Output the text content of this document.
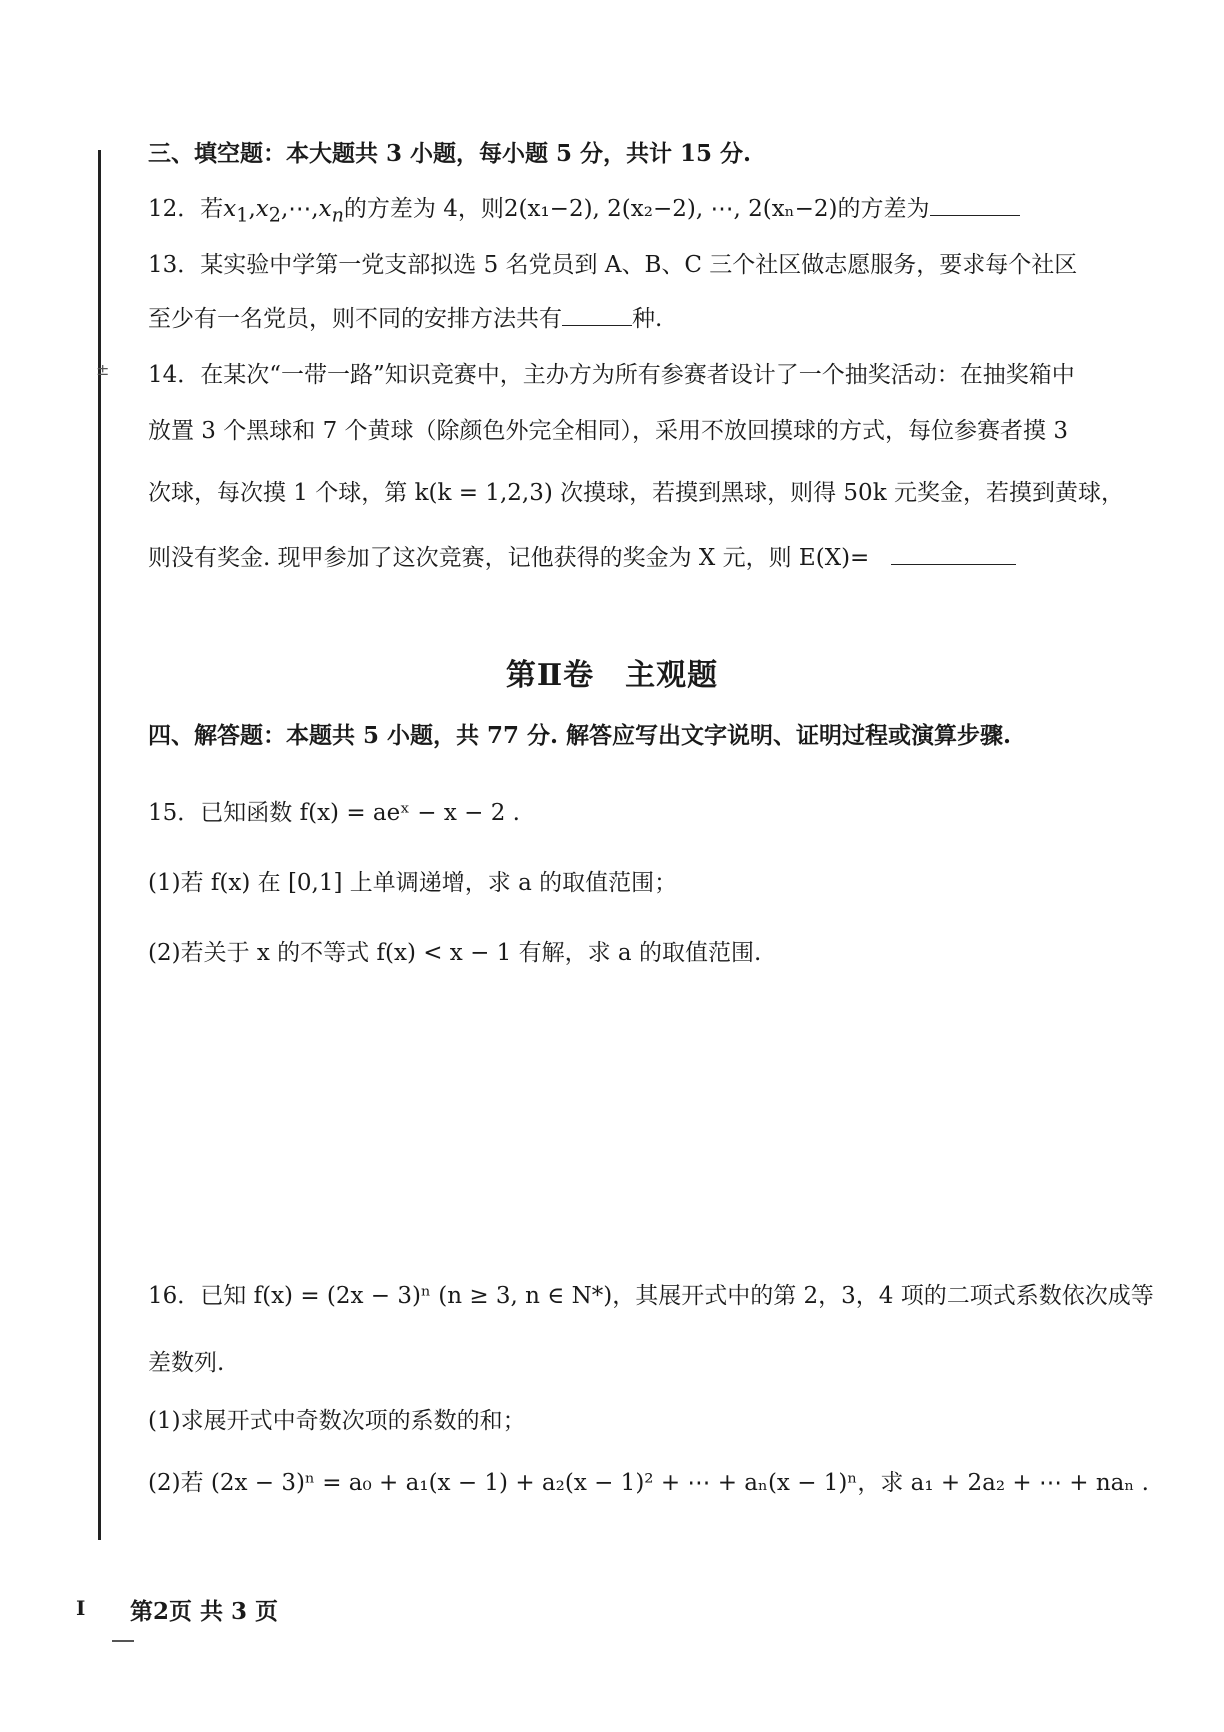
±
三、填空题：本大题共 3 小题，每小题 5 分，共计 15 分.
12．若$x_1,x_2,\cdots,x_n$的方差为 4，则2(x₁−2), 2(x₂−2), ⋯, 2(xₙ−2)的方差为
13．某实验中学第一党支部拟选 5 名党员到 A、B、C 三个社区做志愿服务，要求每个社区
至少有一名党员，则不同的安排方法共有	种.
14．在某次“一带一路”知识竞赛中，主办方为所有参赛者设计了一个抽奖活动：在抽奖箱中
放置 3 个黑球和 7 个黄球（除颜色外完全相同），采用不放回摸球的方式，每位参赛者摸 3
次球，每次摸 1 个球，第 k(k = 1,2,3) 次摸球，若摸到黑球，则得 50k 元奖金，若摸到黄球，
则没有奖金. 现甲参加了这次竞赛，记他获得的奖金为 X 元，则 E(X)=
第Ⅱ卷　主观题
四、解答题：本题共 5 小题，共 77 分. 解答应写出文字说明、证明过程或演算步骤.
15．已知函数 f(x) = aeˣ − x − 2 .
(1)若 f(x) 在 [0,1] 上单调递增，求 a 的取值范围；
(2)若关于 x 的不等式 f(x) < x − 1 有解，求 a 的取值范围.
16．已知 f(x) = (2x − 3)ⁿ (n ≥ 3, n ∈ N*)，其展开式中的第 2，3，4 项的二项式系数依次成等
差数列.
(1)求展开式中奇数次项的系数的和；
(2)若 (2x − 3)ⁿ = a₀ + a₁(x − 1) + a₂(x − 1)² + ⋯ + aₙ(x − 1)ⁿ，求 a₁ + 2a₂ + ⋯ + naₙ .
Ⅰ 第2页 共 3 页
